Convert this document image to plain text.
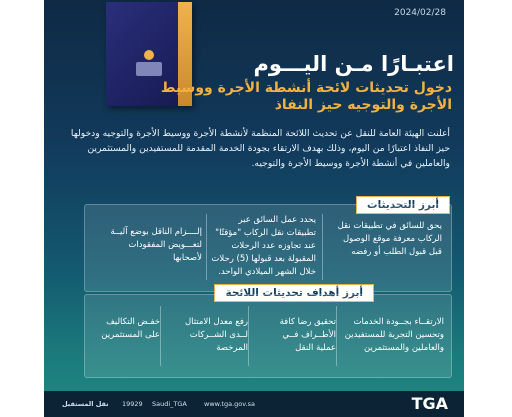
2024/02/28
اعتبـارًا مـن اليـــوم
دخول تحديثات لائحة أنشطة الأجرة ووسيط الأجرة والتوجيه حيز النفاذ
أعلنت الهيئة العامة للنقل عن تحديث اللائحة المنظمة لأنشطة الأجرة ووسيط الأجرة والتوجيه ودخولها حيز النفاذ اعتبارًا من اليوم، وذلك بهدف الارتقاء بجودة الخدمة المقدمة للمستفيدين والمستثمرين والعاملين في أنشطة الأجرة ووسيط الأجرة والتوجيه.
أبرز التحديثات
يحق للسائق في تطبيقات نقل الركاب معرفة موقع الوصول قبل قبول الطلب أو رفضه
يحدد عمل السائق عبر تطبيقات نقل الركاب "مؤقتًا" عند تجاوزه عدد الرحلات المقبولة بعد قبولها (5) رحلات خلال الشهر الميلادي الواحد.
إلــــزام الناقل بوضع آليــة لتعـــويض المفقودات لأصحابها
أبرز أهداف تحديثات اللائحة
الارتقــاء بجــودة الخدمات وتحسين التجربة للمستفيدين والعاملين والمستثمرين
تحقيق رضا كافة الأطــراف فــي عملية النقل
رفع معدل الامتثال لــدى الشــركات المرخصة
خفـض التكاليف على المستثمرين
نقل المستقبل 19929 Saudi_TGA	www.tga.gov.sa	TGA
